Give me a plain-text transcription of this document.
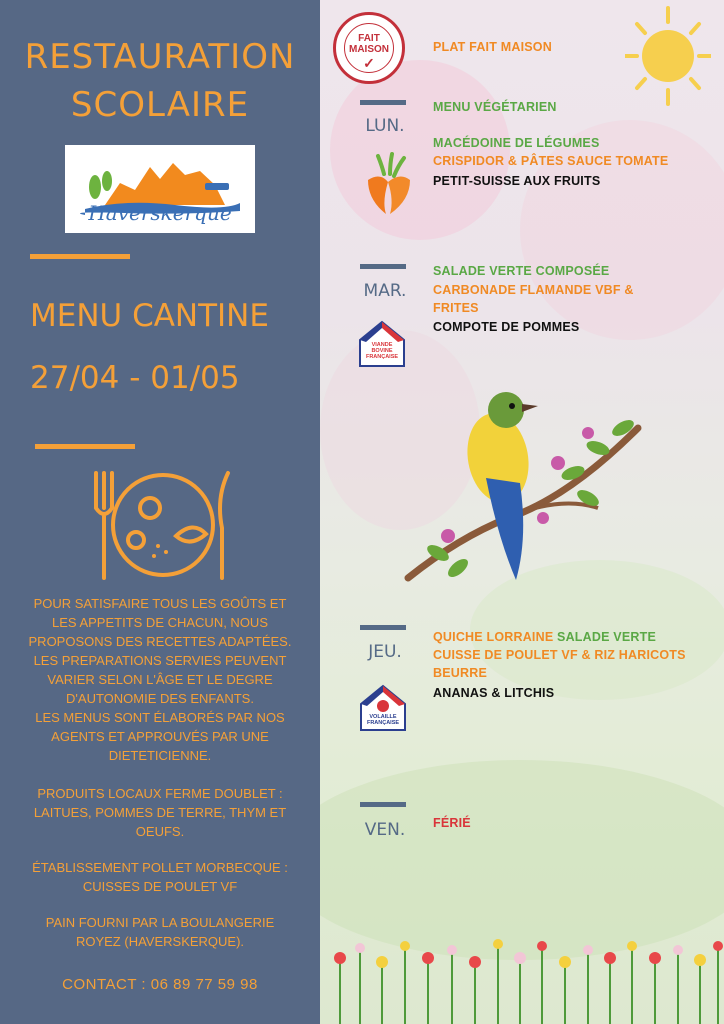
RESTAURATION
SCOLAIRE
Haverskerque
MENU CANTINE
27/04 - 01/05
POUR SATISFAIRE TOUS LES GOÛTS ET
LES APPETITS DE CHACUN, NOUS
PROPOSONS DES RECETTES ADAPTÉES.
LES PREPARATIONS SERVIES PEUVENT
VARIER SELON L'ÂGE ET LE DEGRE
D'AUTONOMIE DES ENFANTS.
LES MENUS SONT ÉLABORÉS PAR NOS
AGENTS ET APPROUVÉS PAR UNE
DIETETICIENNE.
PRODUITS LOCAUX FERME DOUBLET :
LAITUES, POMMES DE TERRE, THYM ET
OEUFS.
ÉTABLISSEMENT POLLET MORBECQUE :
CUISSES DE POULET VF
PAIN FOURNI PAR LA BOULANGERIE
ROYEZ (HAVERSKERQUE).
CONTACT : 06 89 77 59 98
FAIT
MAISON
✓
PLAT FAIT MAISON
MENU VÉGÉTARIEN
LUN.
MACÉDOINE DE LÉGUMES
CRISPIDOR & PÂTES SAUCE TOMATE
PETIT-SUISSE AUX FRUITS
MAR.
SALADE VERTE COMPOSÉE
CARBONADE FLAMANDE VBF &
FRITES
COMPOTE DE POMMES
VIANDE
BOVINE
FRANÇAISE
JEU.
QUICHE LORRAINE SALADE VERTE
CUISSE DE POULET VF & RIZ HARICOTS
BEURRE
ANANAS & LITCHIS
VOLAILLE
FRANÇAISE
VEN.	FÉRIÉ
